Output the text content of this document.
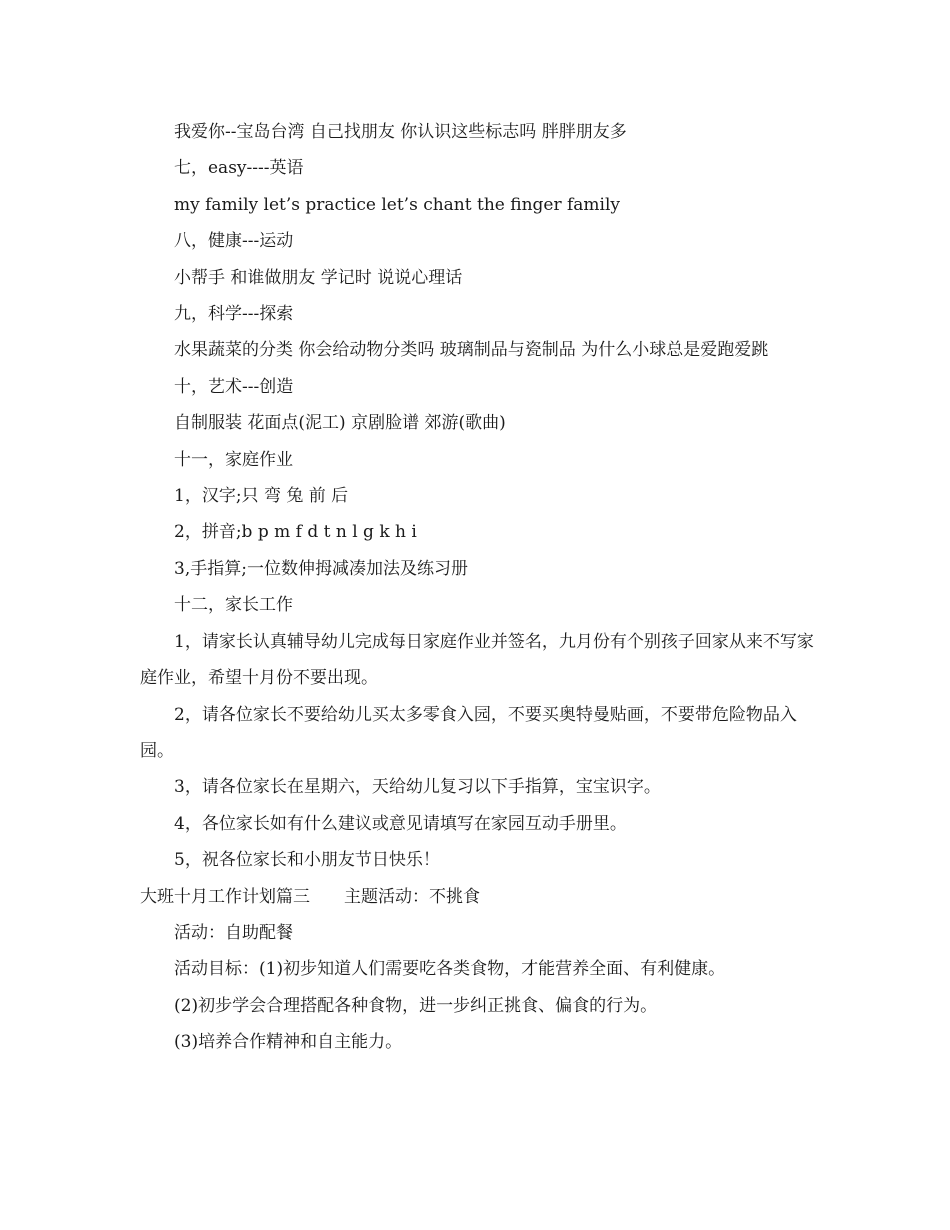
我爱你--宝岛台湾 自己找朋友 你认识这些标志吗 胖胖朋友多

七，easy----英语

my family let’s practice let’s chant the finger family

八，健康---运动

小帮手 和谁做朋友 学记时 说说心理话

九，科学---探索

水果蔬菜的分类 你会给动物分类吗 玻璃制品与瓷制品 为什么小球总是爱跑爱跳

十，艺术---创造

自制服装 花面点(泥工) 京剧脸谱 郊游(歌曲)

十一，家庭作业

1，汉字;只 弯 兔 前 后

2，拼音;b p m f d t n l g k h i

3,手指算;一位数伸拇减凑加法及练习册

十二，家长工作

1，请家长认真辅导幼儿完成每日家庭作业并签名，九月份有个别孩子回家从来不写家庭作业，希望十月份不要出现。

2，请各位家长不要给幼儿买太多零食入园，不要买奥特曼贴画，不要带危险物品入园。

3，请各位家长在星期六，天给幼儿复习以下手指算，宝宝识字。

4，各位家长如有什么建议或意见请填写在家园互动手册里。

5，祝各位家长和小朋友节日快乐！

大班十月工作计划篇三　　主题活动：不挑食

活动：自助配餐

活动目标：(1)初步知道人们需要吃各类食物，才能营养全面、有利健康。

(2)初步学会合理搭配各种食物，进一步纠正挑食、偏食的行为。

(3)培养合作精神和自主能力。
